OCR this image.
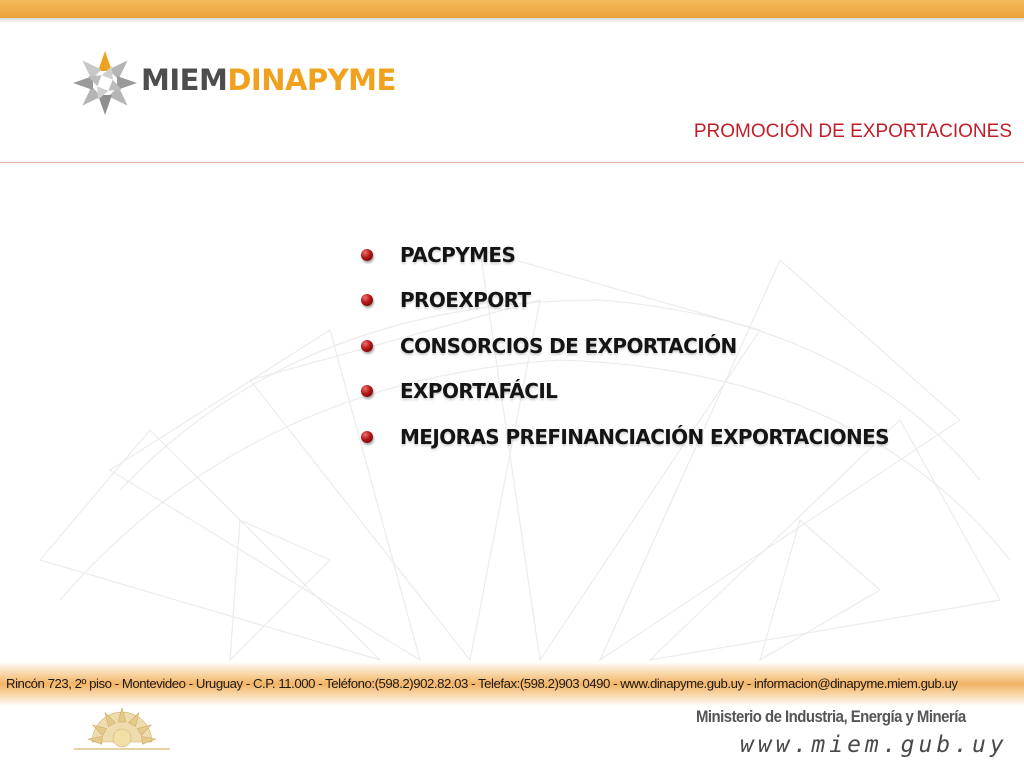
MIEMDINAPYME
PROMOCIÓN DE EXPORTACIONES
PACPYMES
PROEXPORT
CONSORCIOS DE EXPORTACIÓN
EXPORTAFÁCIL
MEJORAS PREFINANCIACIÓN EXPORTACIONES
Rincón 723, 2º piso - Montevideo - Uruguay - C.P. 11.000 - Teléfono:(598.2)902.82.03 - Telefax:(598.2)903 0490 - www.dinapyme.gub.uy - informacion@dinapyme.miem.gub.uy
Ministerio de Industria, Energía y Minería
www.miem.gub.uy
